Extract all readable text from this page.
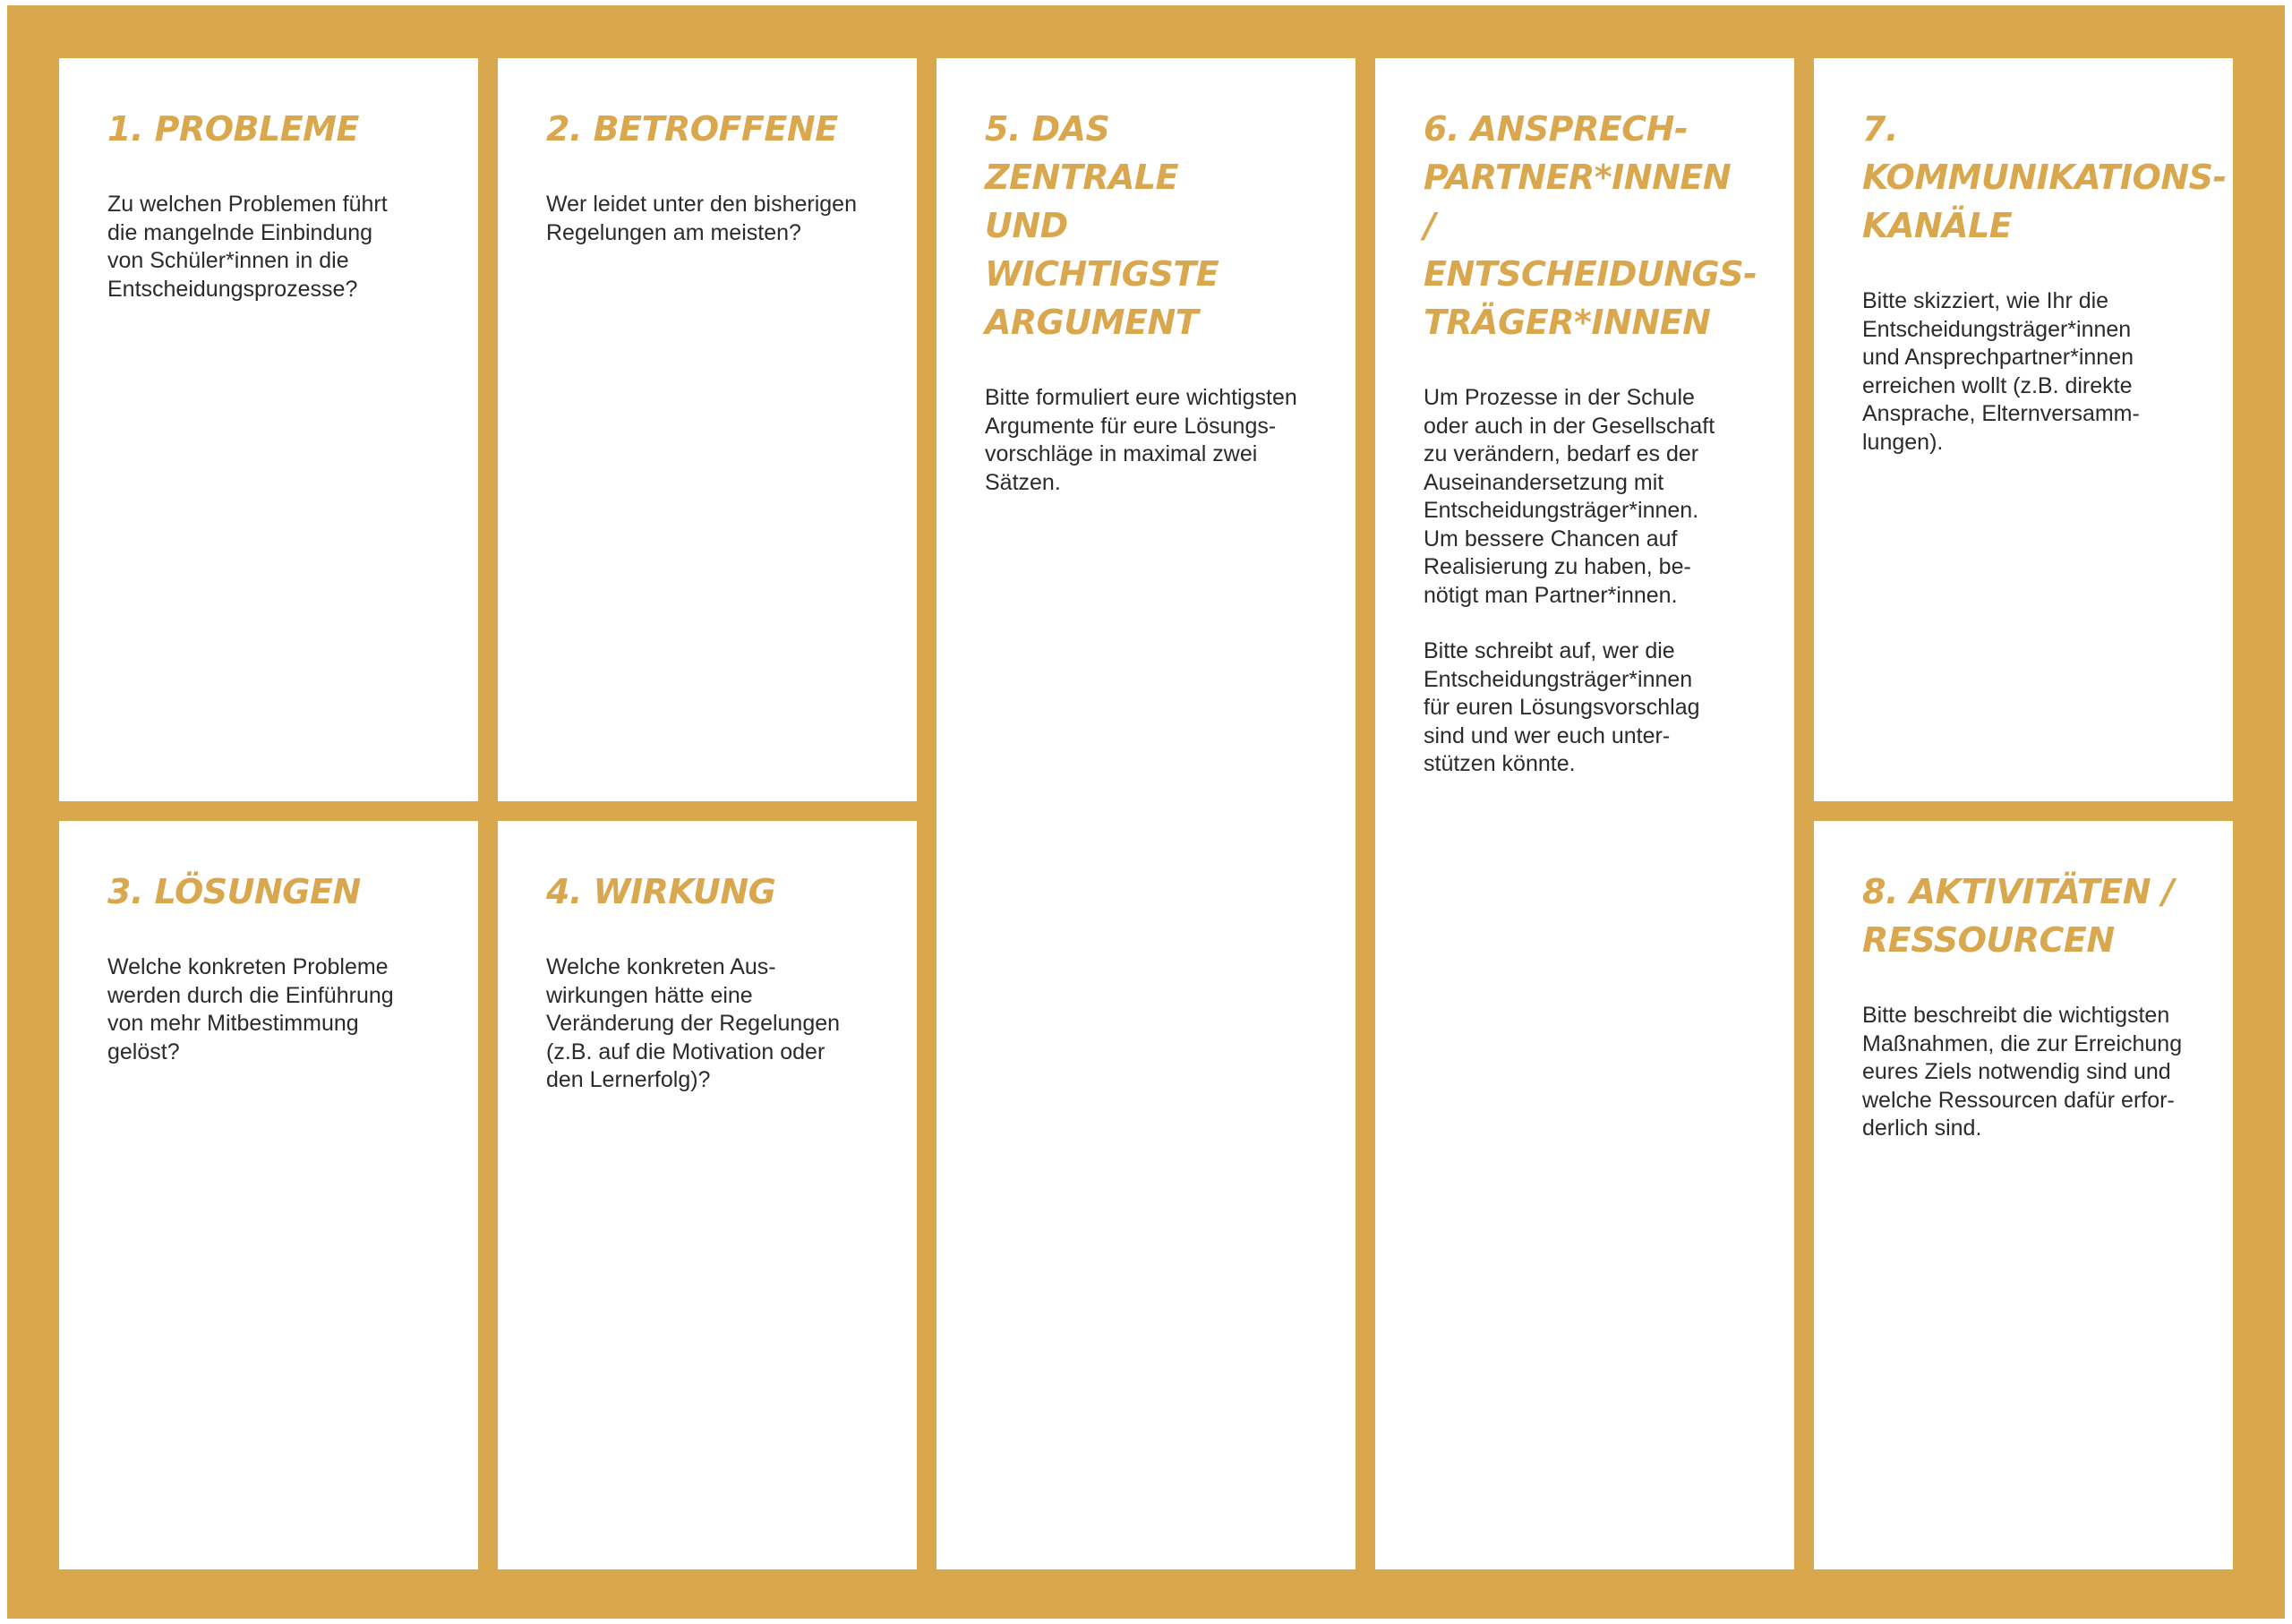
1. PROBLEME

Zu welchen Problemen führt
die mangelnde Einbindung
von Schüler*innen in die
Entscheidungsprozesse?

2. BETROFFENE

Wer leidet unter den bisherigen
Regelungen am meisten?

3. LÖSUNGEN

Welche konkreten Probleme
werden durch die Einführung
von mehr Mitbestimmung
gelöst?

4. WIRKUNG

Welche konkreten Aus-
wirkungen hätte eine
Veränderung der Regelungen
(z.B. auf die Motivation oder
den Lernerfolg)?

5. DAS ZENTRALE
UND WICHTIGSTE
ARGUMENT

Bitte formuliert eure wichtigsten
Argumente für eure Lösungs-
vorschläge in maximal zwei
Sätzen.

6. ANSPRECH-
PARTNER*INNEN /
ENTSCHEIDUNGS-
TRÄGER*INNEN

Um Prozesse in der Schule
oder auch in der Gesellschaft
zu verändern, bedarf es der
Auseinandersetzung mit
Entscheidungsträger*innen.
Um bessere Chancen auf
Realisierung zu haben, be-
nötigt man Partner*innen.

Bitte schreibt auf, wer die
Entscheidungsträger*innen
für euren Lösungsvorschlag
sind und wer euch unter-
stützen könnte.

7. KOMMUNIKATIONS-
KANÄLE

Bitte skizziert, wie Ihr die
Entscheidungsträger*innen
und Ansprechpartner*innen
erreichen wollt (z.B. direkte
Ansprache, Elternversamm-
lungen).

8. AKTIVITÄTEN /
RESSOURCEN

Bitte beschreibt die wichtigsten
Maßnahmen, die zur Erreichung
eures Ziels notwendig sind und
welche Ressourcen dafür erfor-
derlich sind.
